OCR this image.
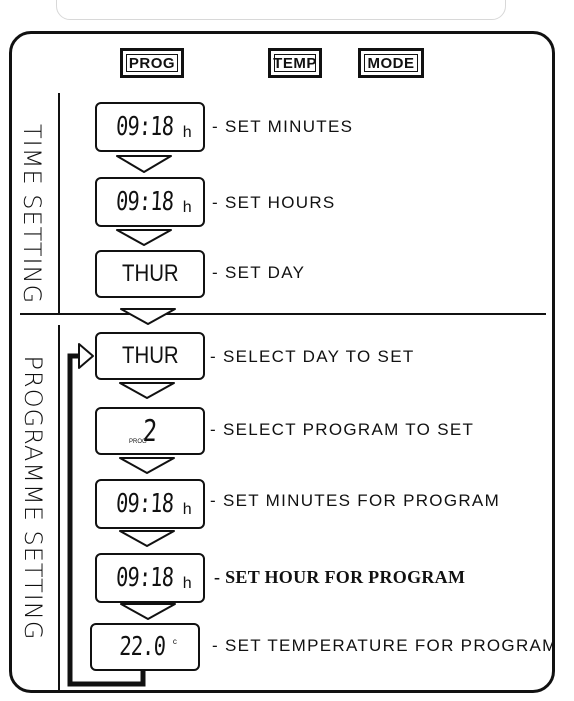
PROG	TEMP	MODE
TIME SETTING
PROGRAMME SETTING
09:18 h
09:18 h
THUR
THUR
PROG
2
09:18 h
09:18 h
22.0 c
- SET MINUTES
- SET HOURS
- SET DAY
- SELECT DAY TO SET
- SELECT PROGRAM TO SET
- SET MINUTES FOR PROGRAM
- SET HOUR FOR PROGRAM
- SET TEMPERATURE FOR PROGRAM
